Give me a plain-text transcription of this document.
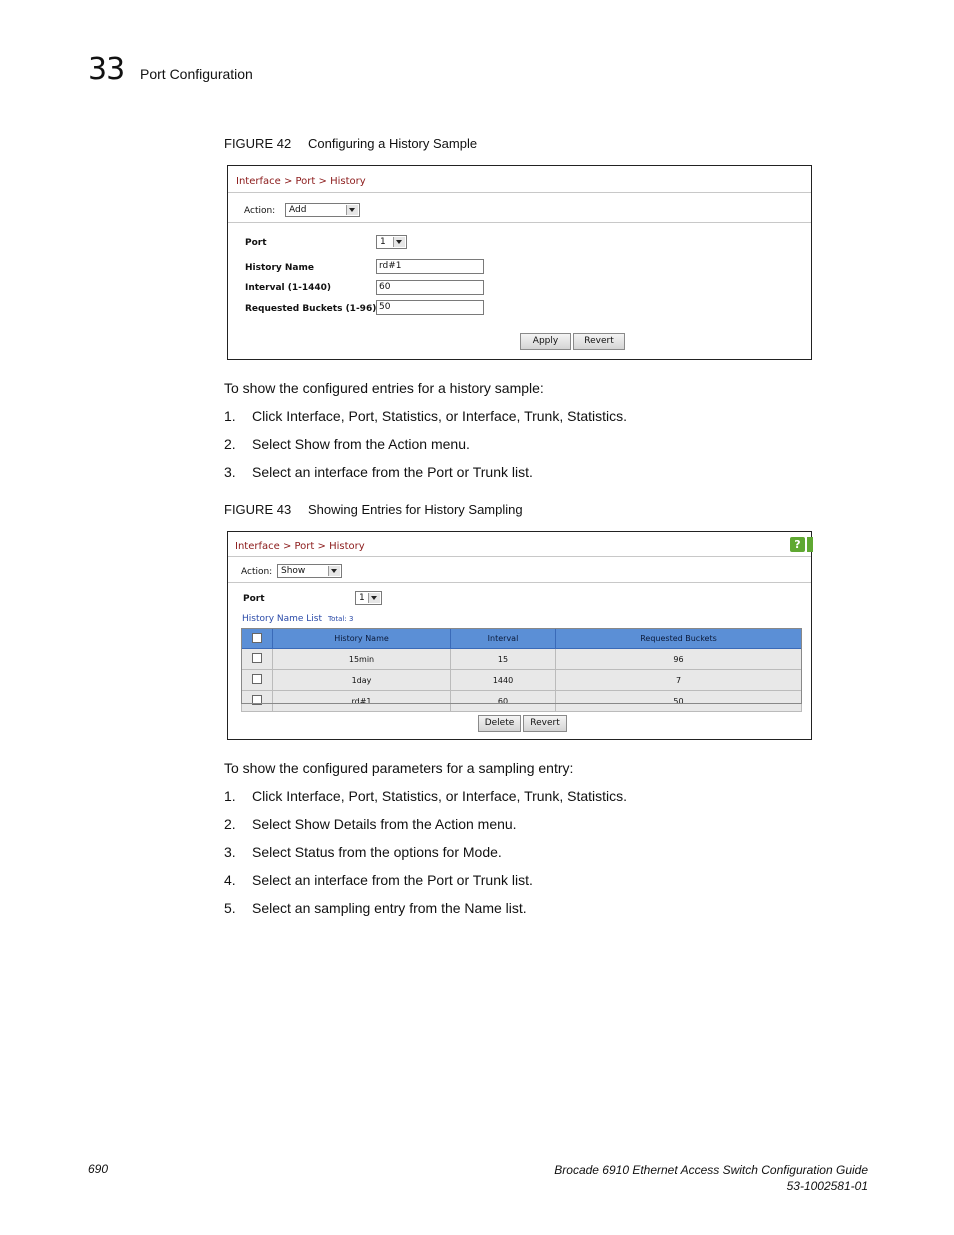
33 Port Configuration
FIGURE 42 Configuring a History Sample
Interface > Port > History
Action:	Add
Port	1
History Name	rd#1
Interval (1-1440)	60
Requested Buckets (1-96) 50
Apply	Revert
To show the configured entries for a history sample:
1. Click Interface, Port, Statistics, or Interface, Trunk, Statistics.
2. Select Show from the Action menu.
3. Select an interface from the Port or Trunk list.
FIGURE 43 Showing Entries for History Sampling
Interface > Port > History	?
Action: Show
Port	1
History Name List Total: 3
	History Name	Interval	Requested Buckets
	15min	15	96
	1day	1440	7
	rd#1	60	50
Delete	Revert
To show the configured parameters for a sampling entry:
1. Click Interface, Port, Statistics, or Interface, Trunk, Statistics.
2. Select Show Details from the Action menu.
3. Select Status from the options for Mode.
4. Select an interface from the Port or Trunk list.
5. Select an sampling entry from the Name list.
690	Brocade 6910 Ethernet Access Switch Configuration Guide
53-1002581-01
